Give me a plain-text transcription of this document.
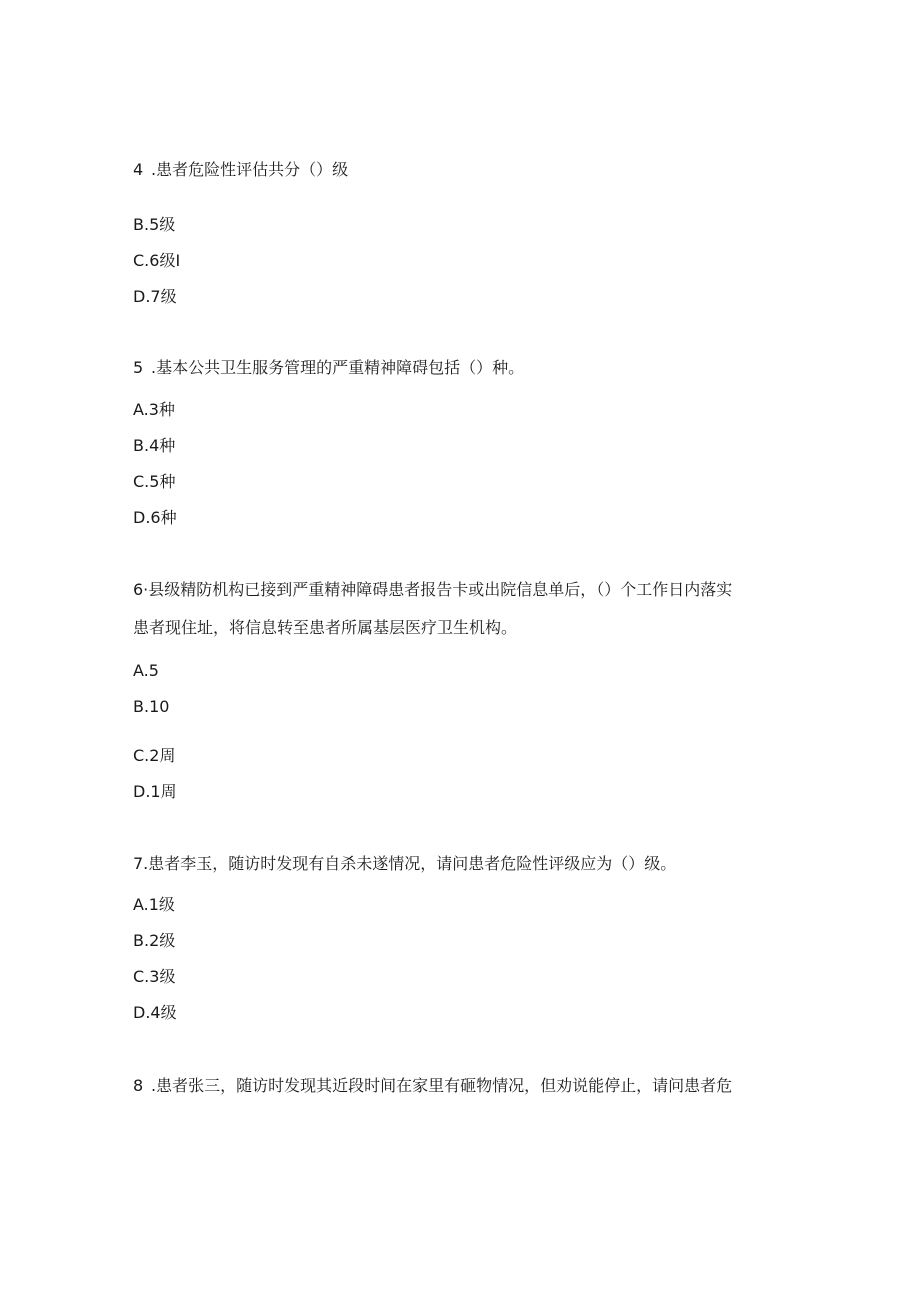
4 .患者危险性评估共分（）级
B.5级
C.6级I
D.7级
5 .基本公共卫生服务管理的严重精神障碍包括（）种。
A.3种
B.4种
C.5种
D.6种
6·县级精防机构已接到严重精神障碍患者报告卡或出院信息单后，（）个工作日内落实
患者现住址，将信息转至患者所属基层医疗卫生机构。
A.5
B.10
C.2周
D.1周
7.患者李玉，随访时发现有自杀未遂情况，请问患者危险性评级应为（）级。
A.1级
B.2级
C.3级
D.4级
8 .患者张三，随访时发现其近段时间在家里有砸物情况，但劝说能停止，请问患者危
